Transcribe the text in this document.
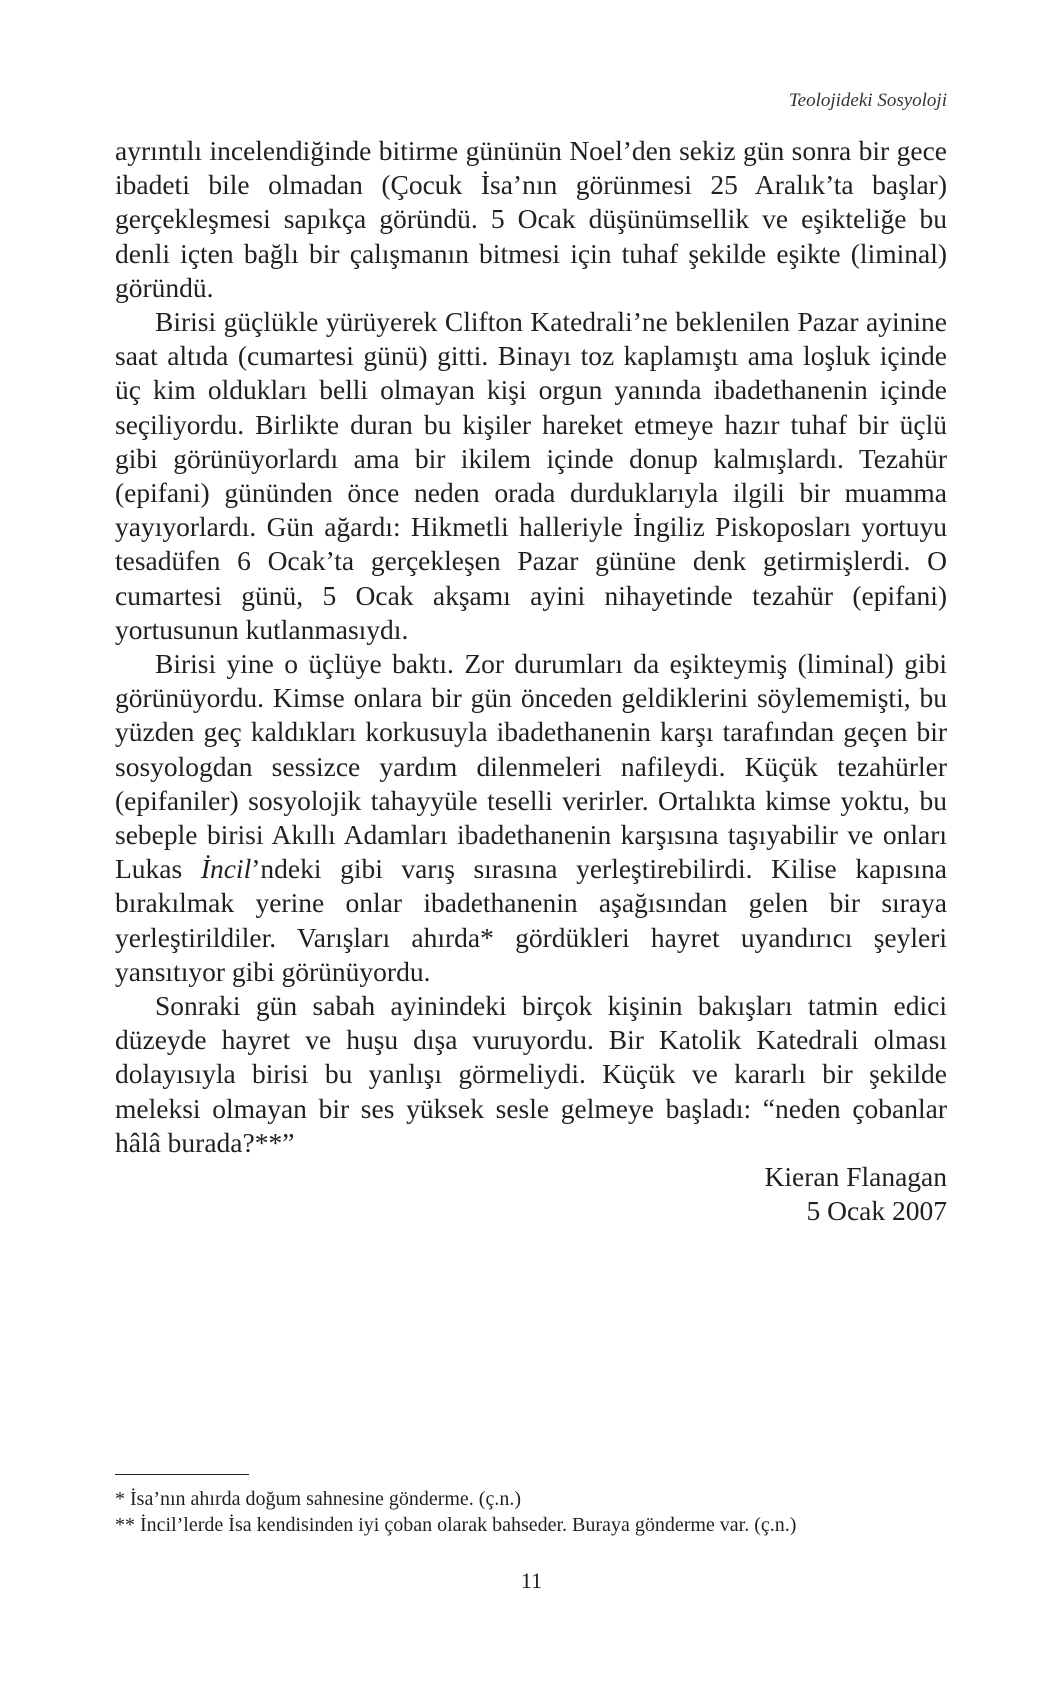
Teolojideki Sosyoloji

ayrıntılı incelendiğinde bitirme gününün Noel’den sekiz gün sonra bir gece ibadeti bile olmadan (Çocuk İsa’nın görünmesi 25 Aralık’ta başlar) gerçekleşmesi sapıkça göründü. 5 Ocak düşünümsellik ve eşikteliğe bu denli içten bağlı bir çalışmanın bitmesi için tuhaf şekilde eşikte (liminal) göründü.

Birisi güçlükle yürüyerek Clifton Katedrali’ne beklenilen Pazar ayinine saat altıda (cumartesi günü) gitti. Binayı toz kaplamıştı ama loşluk içinde üç kim oldukları belli olmayan kişi orgun yanında ibadethanenin içinde seçiliyordu. Birlikte duran bu kişiler hareket etmeye hazır tuhaf bir üçlü gibi görünüyorlardı ama bir ikilem içinde donup kalmışlardı. Tezahür (epifani) gününden önce neden orada durduklarıyla ilgili bir muamma yayıyorlardı. Gün ağardı: Hikmetli halleriyle İngiliz Piskoposları yortuyu tesadüfen 6 Ocak’ta gerçekleşen Pazar gününe denk getirmişlerdi. O cumartesi günü, 5 Ocak akşamı ayini nihayetinde tezahür (epifani) yortusunun kutlanmasıydı.

Birisi yine o üçlüye baktı. Zor durumları da eşikteymiş (liminal) gibi görünüyordu. Kimse onlara bir gün önceden geldiklerini söylememişti, bu yüzden geç kaldıkları korkusuyla ibadethanenin karşı tarafından geçen bir sosyologdan sessizce yardım dilenmeleri nafileydi. Küçük tezahürler (epifaniler) sosyolojik tahayyüle teselli verirler. Ortalıkta kimse yoktu, bu sebeple birisi Akıllı Adamları ibadethanenin karşısına taşıyabilir ve onları Lukas İncil’ndeki gibi varış sırasına yerleştirebilirdi. Kilise kapısına bırakılmak yerine onlar ibadethanenin aşağısından gelen bir sıraya yerleştirildiler. Varışları ahırda* gördükleri hayret uyandırıcı şeyleri yansıtıyor gibi görünüyordu.

Sonraki gün sabah ayinindeki birçok kişinin bakışları tatmin edici düzeyde hayret ve huşu dışa vuruyordu. Bir Katolik Katedrali olması dolayısıyla birisi bu yanlışı görmeliydi. Küçük ve kararlı bir şekilde meleksi olmayan bir ses yüksek sesle gelmeye başladı: “neden çobanlar hâlâ burada?**”

Kieran Flanagan
5 Ocak 2007

* İsa’nın ahırda doğum sahnesine gönderme. (ç.n.)

** İncil’lerde İsa kendisinden iyi çoban olarak bahseder. Buraya gönderme var. (ç.n.)

11
